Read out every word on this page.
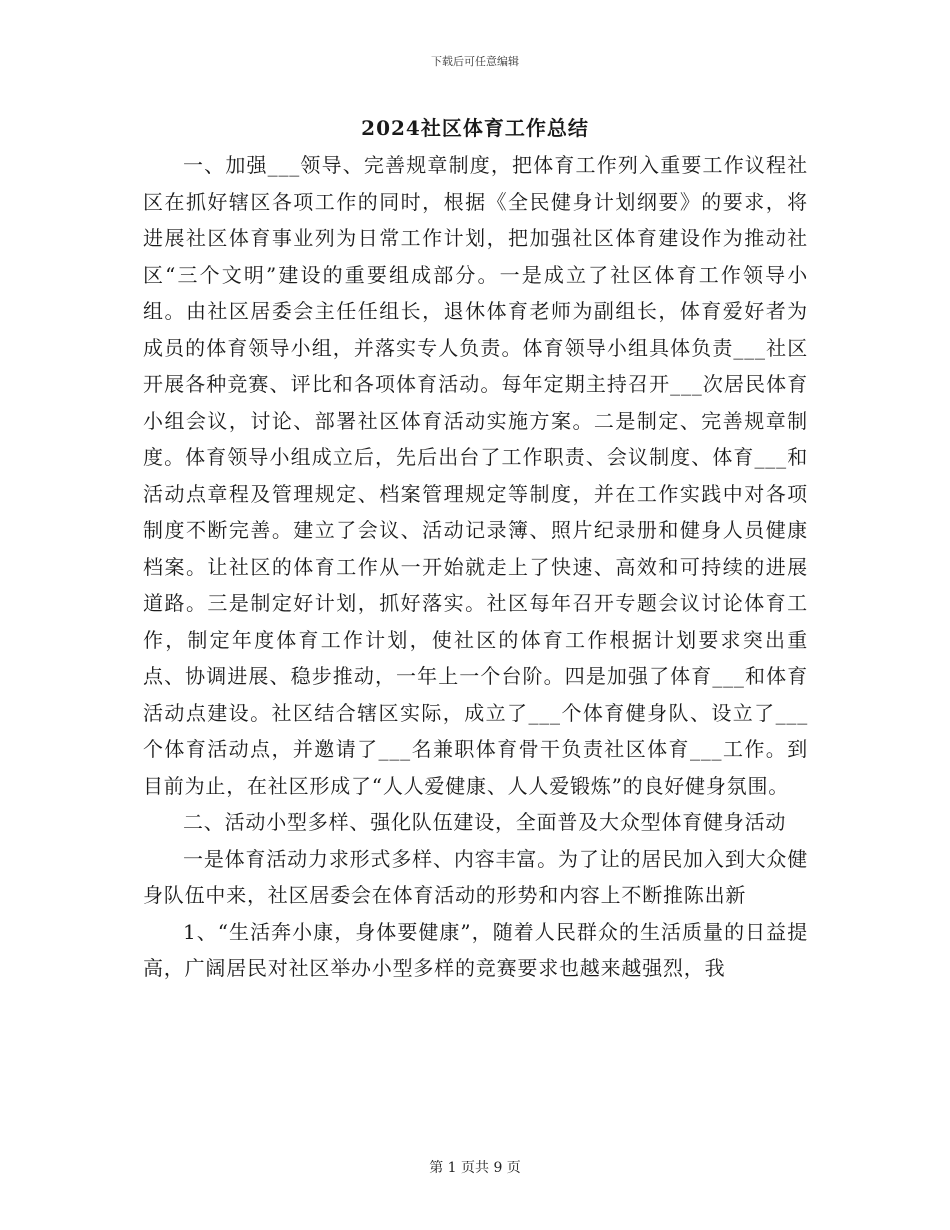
下载后可任意编辑
2024社区体育工作总结

一、加强___领导、完善规章制度，把体育工作列入重要工作议程社区在抓好辖区各项工作的同时，根据《全民健身计划纲要》的要求，将进展社区体育事业列为日常工作计划，把加强社区体育建设作为推动社区“三个文明”建设的重要组成部分。一是成立了社区体育工作领导小组。由社区居委会主任任组长，退休体育老师为副组长，体育爱好者为成员的体育领导小组，并落实专人负责。体育领导小组具体负责___社区开展各种竞赛、评比和各项体育活动。每年定期主持召开___次居民体育小组会议，讨论、部署社区体育活动实施方案。二是制定、完善规章制度。体育领导小组成立后，先后出台了工作职责、会议制度、体育___和活动点章程及管理规定、档案管理规定等制度，并在工作实践中对各项制度不断完善。建立了会议、活动记录簿、照片纪录册和健身人员健康档案。让社区的体育工作从一开始就走上了快速、高效和可持续的进展道路。三是制定好计划，抓好落实。社区每年召开专题会议讨论体育工作，制定年度体育工作计划，使社区的体育工作根据计划要求突出重点、协调进展、稳步推动，一年上一个台阶。四是加强了体育___和体育活动点建设。社区结合辖区实际，成立了___个体育健身队、设立了___个体育活动点，并邀请了___名兼职体育骨干负责社区体育___工作。到目前为止，在社区形成了“人人爱健康、人人爱锻炼”的良好健身氛围。

二、活动小型多样、强化队伍建设，全面普及大众型体育健身活动

一是体育活动力求形式多样、内容丰富。为了让的居民加入到大众健身队伍中来，社区居委会在体育活动的形势和内容上不断推陈出新

1、“生活奔小康，身体要健康”，随着人民群众的生活质量的日益提高，广阔居民对社区举办小型多样的竞赛要求也越来越强烈，我

第 1 页共 9 页
